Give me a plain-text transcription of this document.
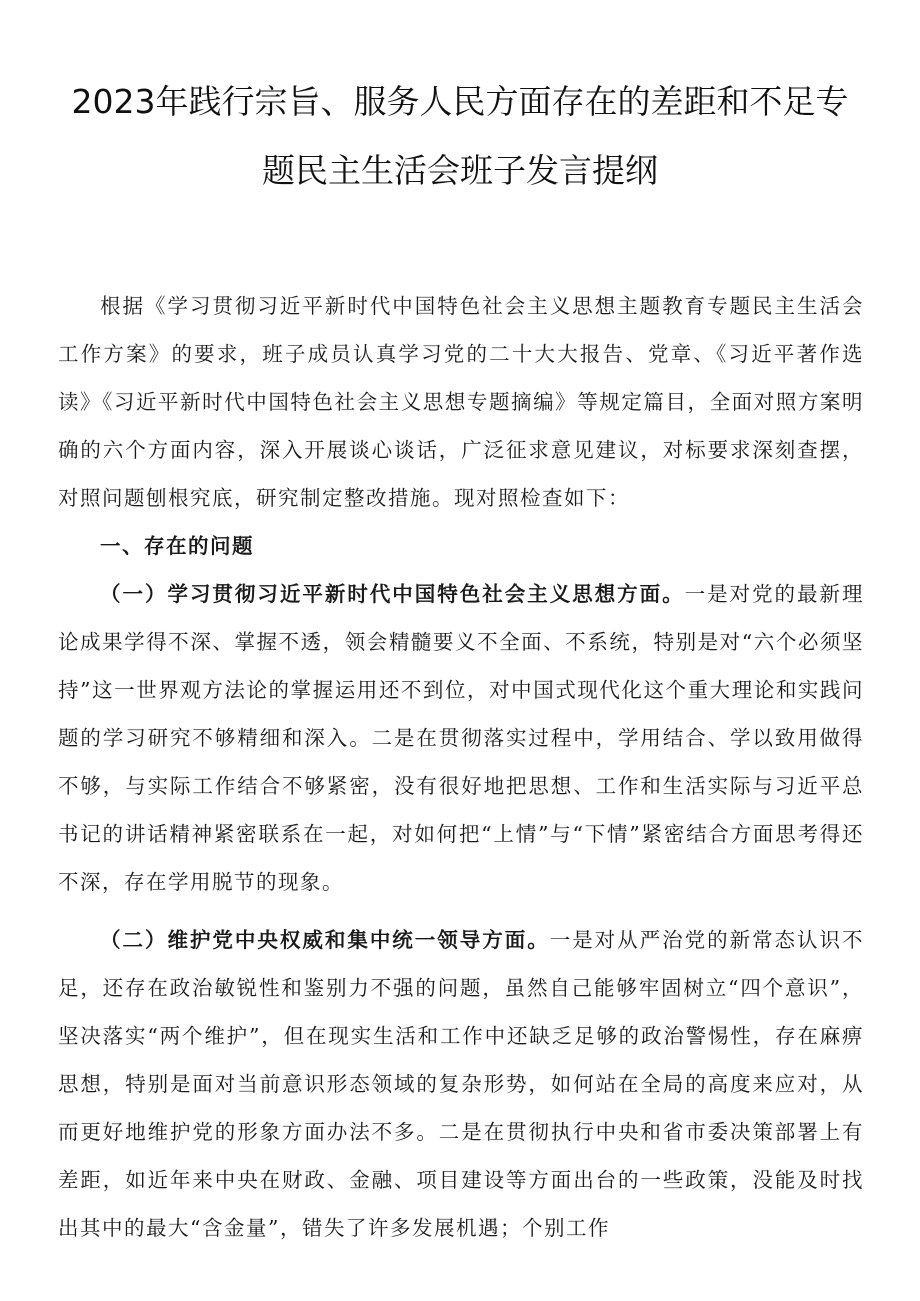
2023年践行宗旨、服务人民方面存在的差距和不足专
题民主生活会班子发言提纲

根据《学习贯彻习近平新时代中国特色社会主义思想主题教育专题民主生活会工作方案》的要求，班子成员认真学习党的二十大大报告、党章、《习近平著作选读》《习近平新时代中国特色社会主义思想专题摘编》等规定篇目，全面对照方案明确的六个方面内容，深入开展谈心谈话，广泛征求意见建议，对标要求深刻查摆，对照问题刨根究底，研究制定整改措施。现对照检查如下：

一、存在的问题

（一）学习贯彻习近平新时代中国特色社会主义思想方面。一是对党的最新理论成果学得不深、掌握不透，领会精髓要义不全面、不系统，特别是对“六个必须坚持”这一世界观方法论的掌握运用还不到位，对中国式现代化这个重大理论和实践问题的学习研究不够精细和深入。二是在贯彻落实过程中，学用结合、学以致用做得不够，与实际工作结合不够紧密，没有很好地把思想、工作和生活实际与习近平总书记的讲话精神紧密联系在一起，对如何把“上情”与“下情”紧密结合方面思考得还不深，存在学用脱节的现象。

（二）维护党中央权威和集中统一领导方面。一是对从严治党的新常态认识不足，还存在政治敏锐性和鉴别力不强的问题，虽然自己能够牢固树立“四个意识”，坚决落实“两个维护”，但在现实生活和工作中还缺乏足够的政治警惕性，存在麻痹思想，特别是面对当前意识形态领域的复杂形势，如何站在全局的高度来应对，从而更好地维护党的形象方面办法不多。二是在贯彻执行中央和省市委决策部署上有差距，如近年来中央在财政、金融、项目建设等方面出台的一些政策，没能及时找出其中的最大“含金量”，错失了许多发展机遇；个别工作
